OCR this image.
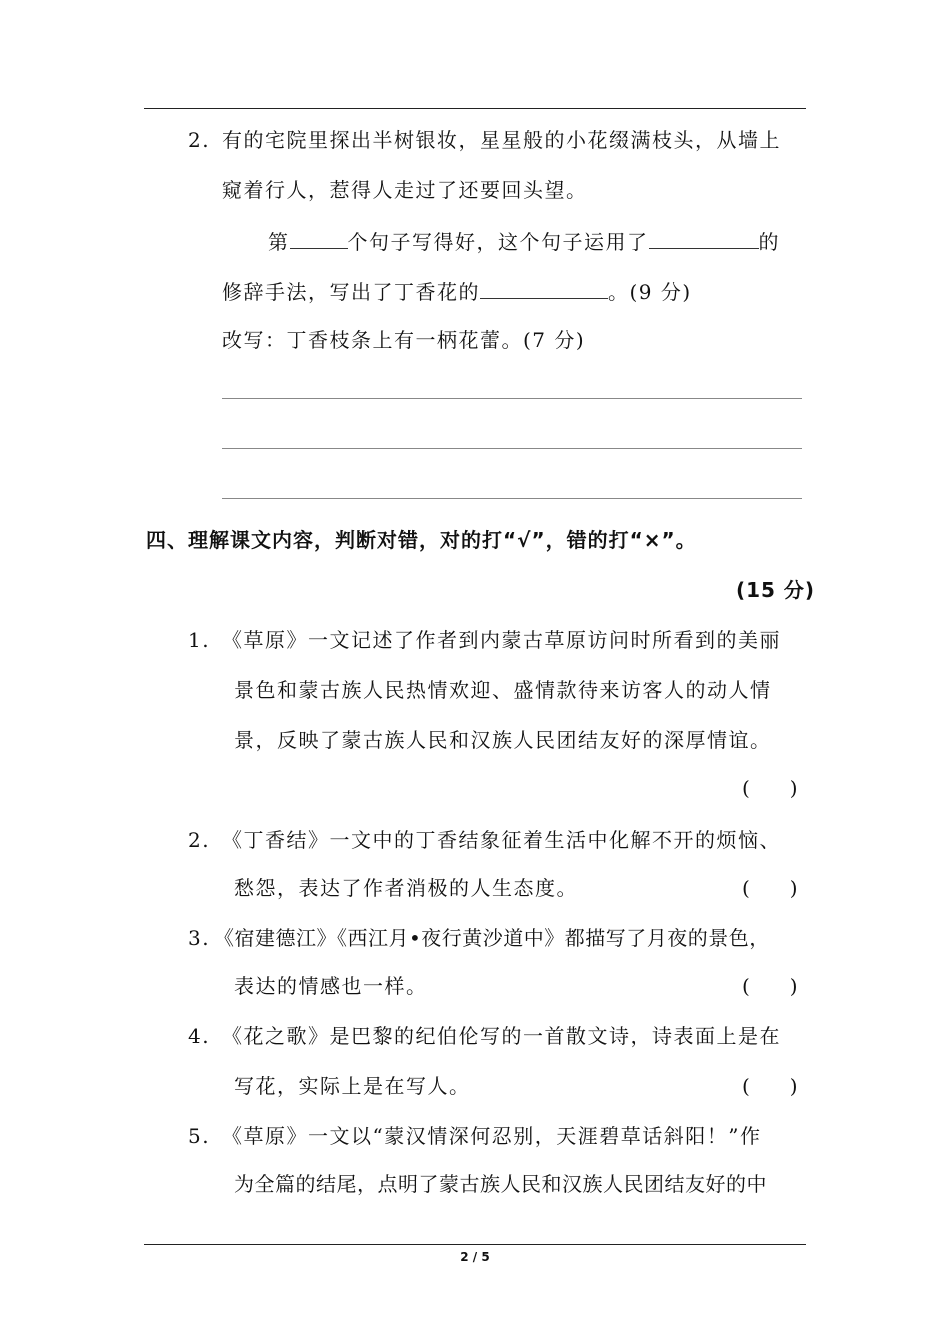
2. 有的宅院里探出半树银妆，星星般的小花缀满枝头，从墙上
窥着行人，惹得人走过了还要回头望。
第	个句子写得好，这个句子运用了	的
修辞手法，写出了丁香花的	。(9 分)
改写：丁香枝条上有一柄花蕾。(7 分)
四、理解课文内容，判断对错，对的打“√”，错的打“×”。
(15 分)
1. 《草原》一文记述了作者到内蒙古草原访问时所看到的美丽
景色和蒙古族人民热情欢迎、盛情款待来访客人的动人情
景，反映了蒙古族人民和汉族人民团结友好的深厚情谊。
(　　)
2. 《丁香结》一文中的丁香结象征着生活中化解不开的烦恼、
愁怨，表达了作者消极的人生态度。	(　　)
3. 《宿建德江》《西江月•夜行黄沙道中》都描写了月夜的景色，
表达的情感也一样。	(　　)
4. 《花之歌》是巴黎的纪伯伦写的一首散文诗，诗表面上是在
写花，实际上是在写人。	(　　)
5. 《草原》一文以“蒙汉情深何忍别，天涯碧草话斜阳！”作
为全篇的结尾，点明了蒙古族人民和汉族人民团结友好的中
2 / 5
